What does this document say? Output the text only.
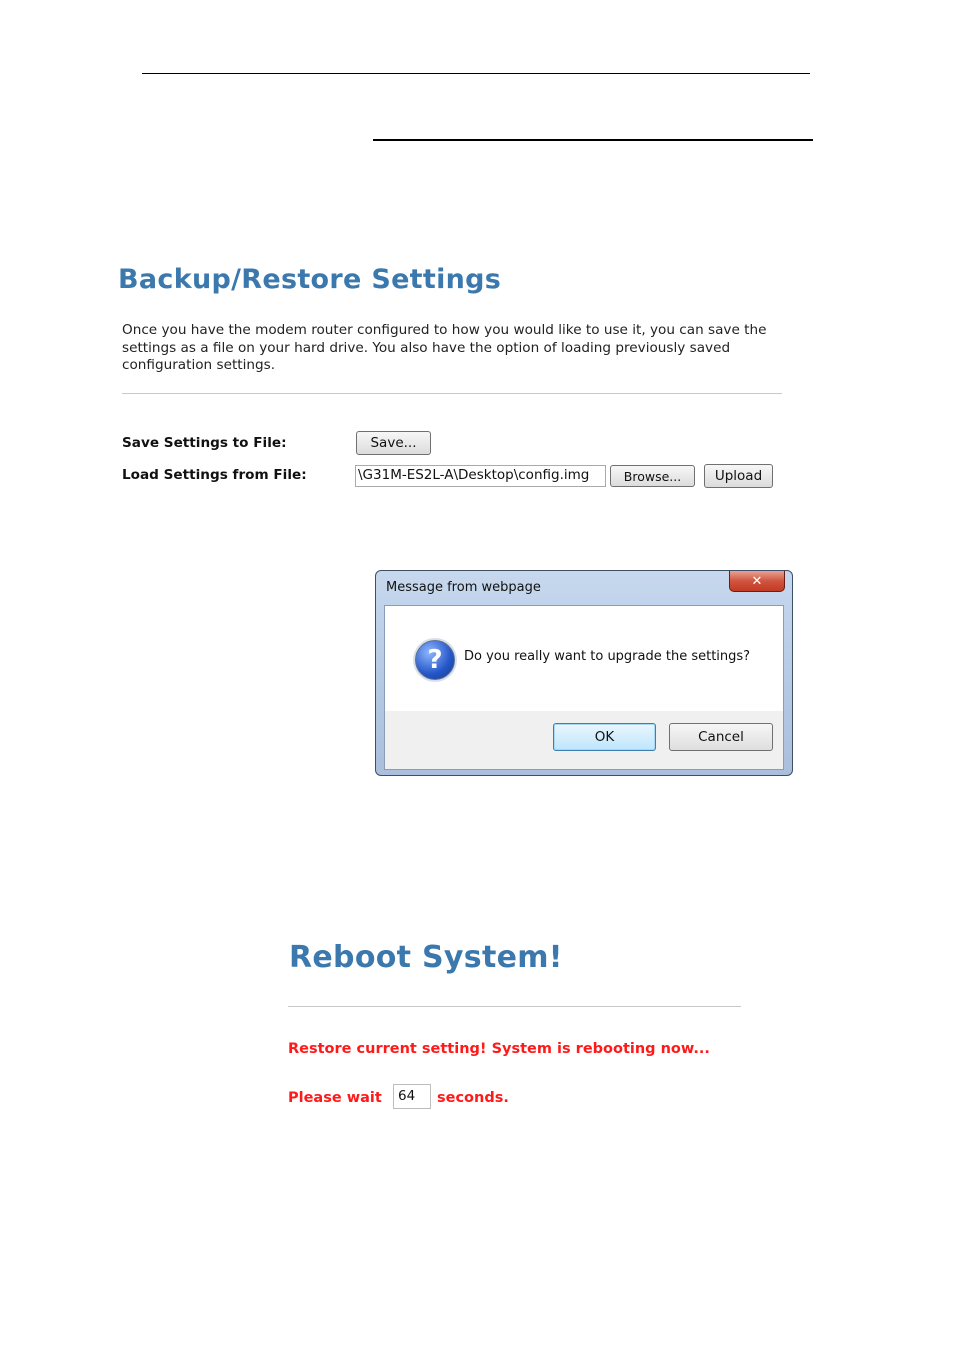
Backup/Restore Settings

Once you have the modem router configured to how you would like to use it, you can save the settings as a file on your hard drive. You also have the option of loading previously saved configuration settings.

Save Settings to File:	Save...
Load Settings from File:	\G31M-ES2L-A\Desktop\config.img	Browse...	Upload
Message from webpage	✕
?	Do you really want to upgrade the settings?
OK	Cancel
Reboot System!
Restore current setting! System is rebooting now...
Please wait	64	seconds.
